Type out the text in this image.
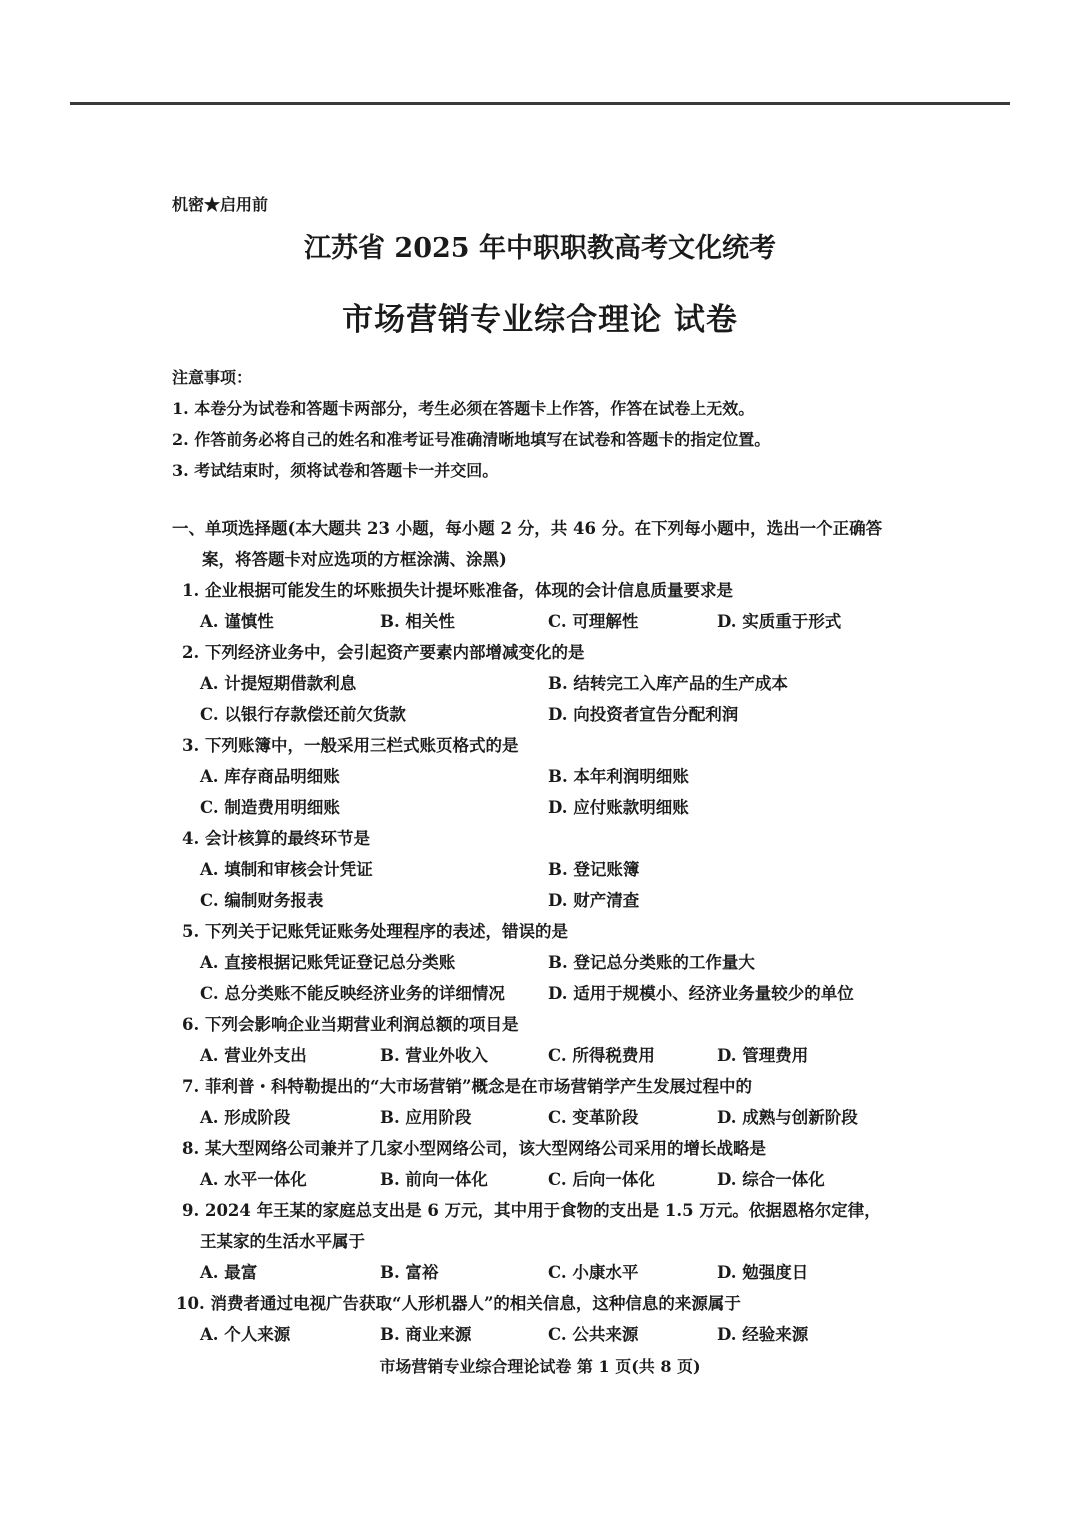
机密★启用前
江苏省 2025 年中职职教高考文化统考
市场营销专业综合理论 试卷
注意事项：
1. 本卷分为试卷和答题卡两部分，考生必须在答题卡上作答，作答在试卷上无效。
2. 作答前务必将自己的姓名和准考证号准确清晰地填写在试卷和答题卡的指定位置。
3. 考试结束时，须将试卷和答题卡一并交回。
一、单项选择题(本大题共 23 小题，每小题 2 分，共 46 分。在下列每小题中，选出一个正确答
案，将答题卡对应选项的方框涂满、涂黑)
1. 企业根据可能发生的坏账损失计提坏账准备，体现的会计信息质量要求是
A. 谨慎性	B. 相关性	C. 可理解性	D. 实质重于形式
2. 下列经济业务中，会引起资产要素内部增减变化的是
A. 计提短期借款利息	B. 结转完工入库产品的生产成本
C. 以银行存款偿还前欠货款	D. 向投资者宣告分配利润
3. 下列账簿中，一般采用三栏式账页格式的是
A. 库存商品明细账	B. 本年利润明细账
C. 制造费用明细账	D. 应付账款明细账
4. 会计核算的最终环节是
A. 填制和审核会计凭证	B. 登记账簿
C. 编制财务报表	D. 财产清查
5. 下列关于记账凭证账务处理程序的表述，错误的是
A. 直接根据记账凭证登记总分类账	B. 登记总分类账的工作量大
C. 总分类账不能反映经济业务的详细情况	D. 适用于规模小、经济业务量较少的单位
6. 下列会影响企业当期营业利润总额的项目是
A. 营业外支出	B. 营业外收入	C. 所得税费用	D. 管理费用
7. 菲利普・科特勒提出的“大市场营销”概念是在市场营销学产生发展过程中的
A. 形成阶段	B. 应用阶段	C. 变革阶段	D. 成熟与创新阶段
8. 某大型网络公司兼并了几家小型网络公司，该大型网络公司采用的增长战略是
A. 水平一体化	B. 前向一体化	C. 后向一体化	D. 综合一体化
9. 2024 年王某的家庭总支出是 6 万元，其中用于食物的支出是 1.5 万元。依据恩格尔定律，
王某家的生活水平属于
A. 最富	B. 富裕	C. 小康水平	D. 勉强度日
10. 消费者通过电视广告获取“人形机器人”的相关信息，这种信息的来源属于
A. 个人来源	B. 商业来源	C. 公共来源	D. 经验来源
市场营销专业综合理论试卷 第 1 页(共 8 页)
